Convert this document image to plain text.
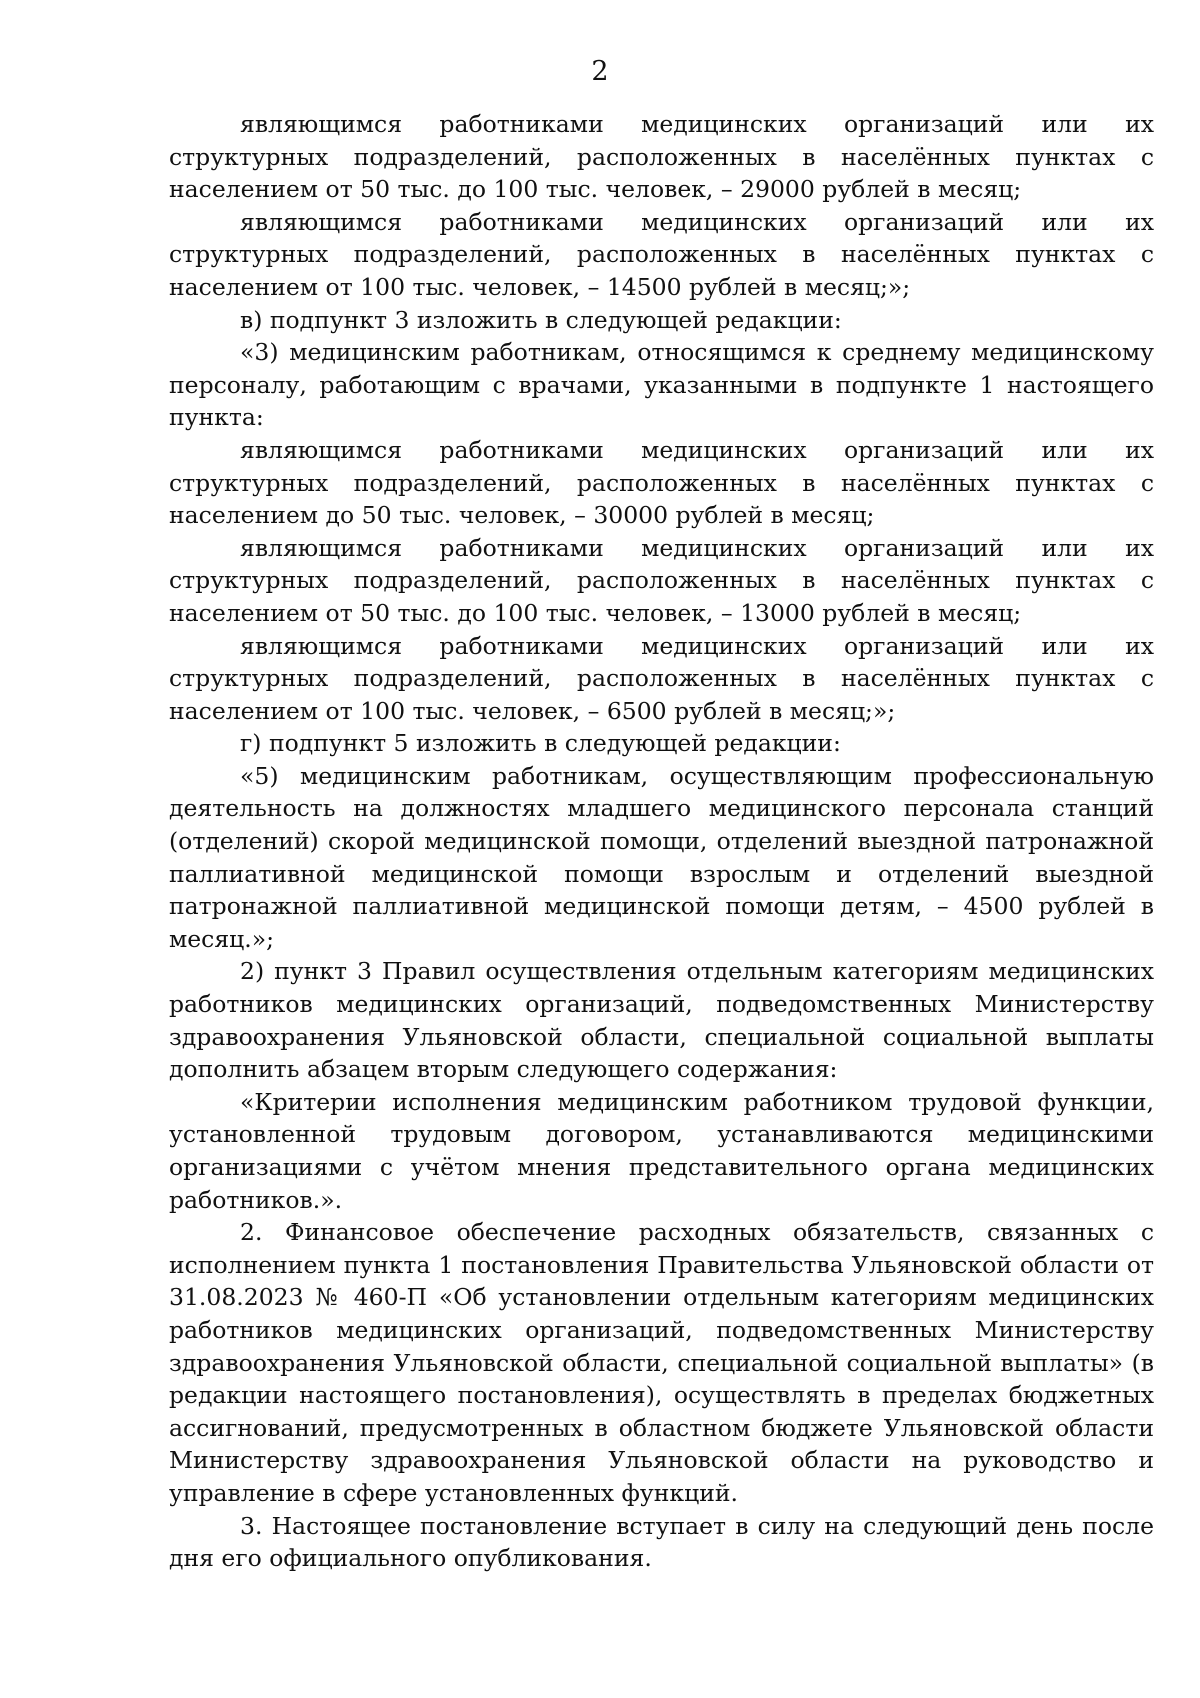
2

являющимся работниками медицинских организаций или их структурных подразделений, расположенных в населённых пунктах с населением от 50 тыс. до 100 тыс. человек, – 29000 рублей в месяц;

являющимся работниками медицинских организаций или их структурных подразделений, расположенных в населённых пунктах с населением от 100 тыс. человек, – 14500 рублей в месяц;»;

в) подпункт 3 изложить в следующей редакции:

«3) медицинским работникам, относящимся к среднему медицинскому персоналу, работающим с врачами, указанными в подпункте 1 настоящего пункта:

являющимся работниками медицинских организаций или их структурных подразделений, расположенных в населённых пунктах с населением до 50 тыс. человек, – 30000 рублей в месяц;

являющимся работниками медицинских организаций или их структурных подразделений, расположенных в населённых пунктах с населением от 50 тыс. до 100 тыс. человек, – 13000 рублей в месяц;

являющимся работниками медицинских организаций или их структурных подразделений, расположенных в населённых пунктах с населением от 100 тыс. человек, – 6500 рублей в месяц;»;

г) подпункт 5 изложить в следующей редакции:

«5) медицинским работникам, осуществляющим профессиональную деятельность на должностях младшего медицинского персонала станций (отделений) скорой медицинской помощи, отделений выездной патронажной паллиативной медицинской помощи взрослым и отделений выездной патронажной паллиативной медицинской помощи детям, – 4500 рублей в месяц.»;

2) пункт 3 Правил осуществления отдельным категориям медицинских работников медицинских организаций, подведомственных Министерству здравоохранения Ульяновской области, специальной социальной выплаты дополнить абзацем вторым следующего содержания:

«Критерии исполнения медицинским работником трудовой функции, установленной трудовым договором, устанавливаются медицинскими организациями с учётом мнения представительного органа медицинских работников.».

2. Финансовое обеспечение расходных обязательств, связанных с исполнением пункта 1 постановления Правительства Ульяновской области от 31.08.2023 № 460-П «Об установлении отдельным категориям медицинских работников медицинских организаций, подведомственных Министерству здравоохранения Ульяновской области, специальной социальной выплаты» (в редакции настоящего постановления), осуществлять в пределах бюджетных ассигнований, предусмотренных в областном бюджете Ульяновской области Министерству здравоохранения Ульяновской области на руководство и управление в сфере установленных функций.

3. Настоящее постановление вступает в силу на следующий день после дня его официального опубликования.
